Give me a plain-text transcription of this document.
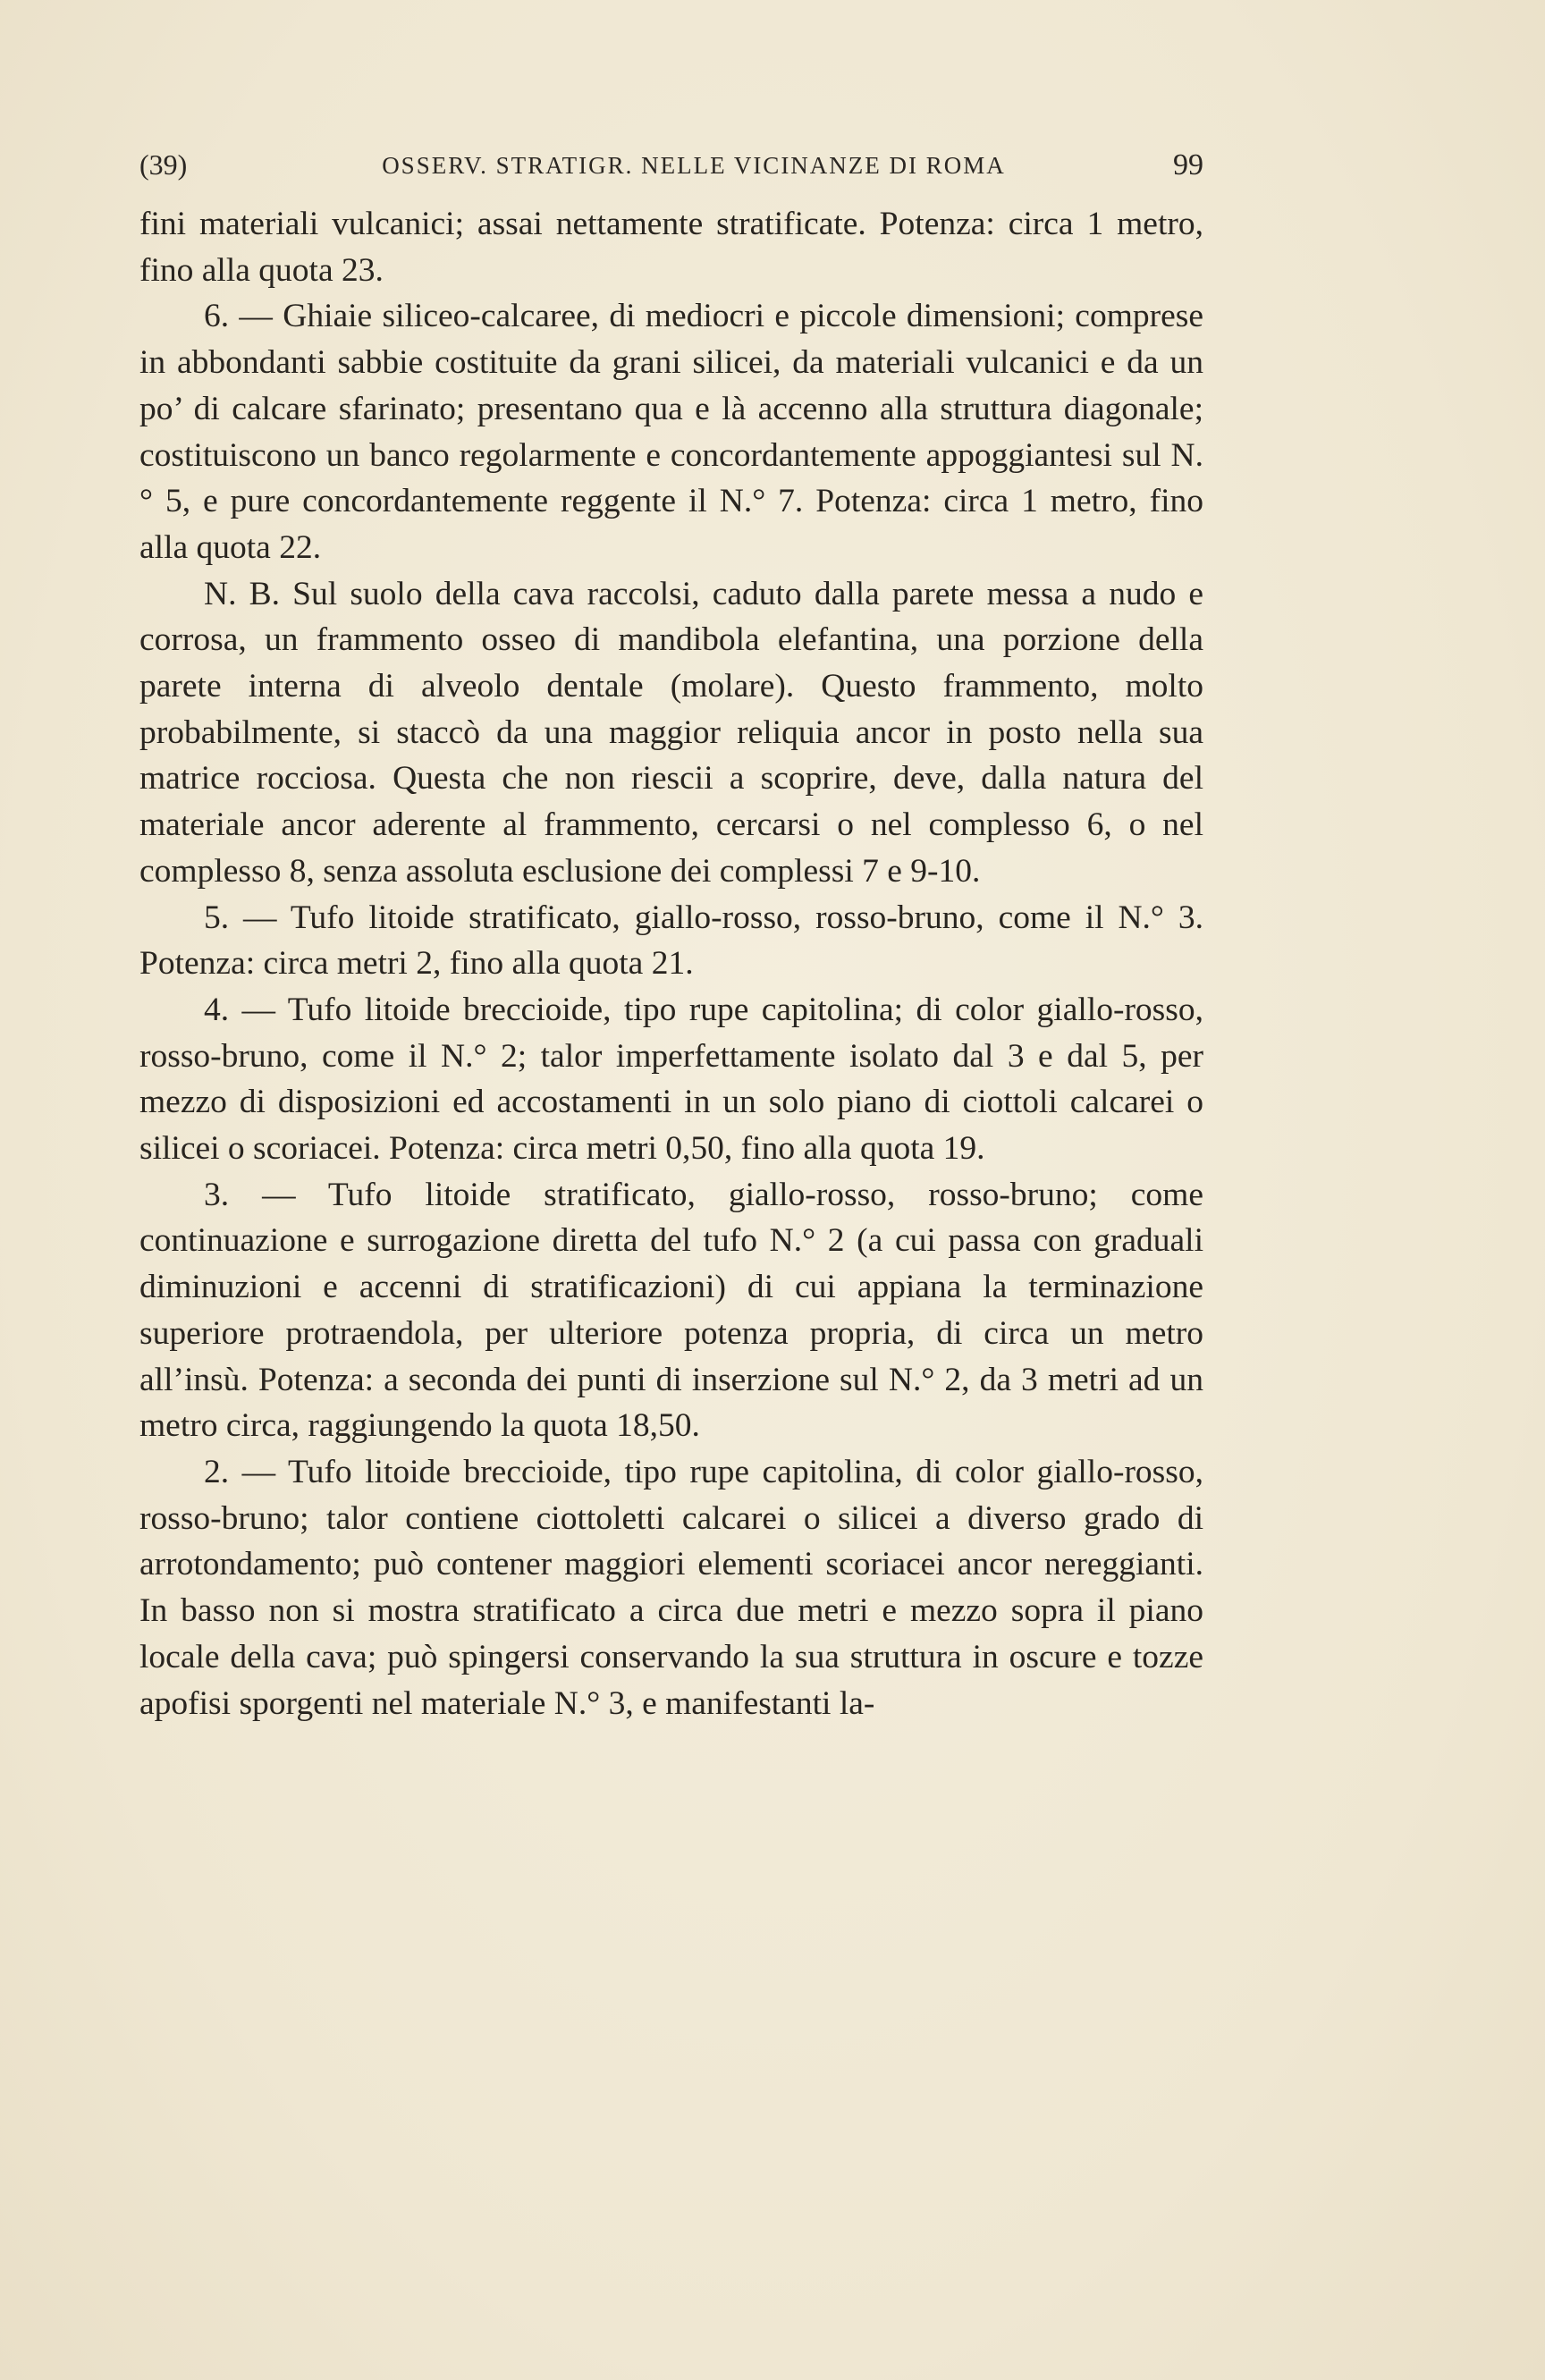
(39)	OSSERV. STRATIGR. NELLE VICINANZE DI ROMA	99

fini materiali vulcanici; assai nettamente stratificate. Potenza: circa 1 metro, fino alla quota 23.

6. — Ghiaie siliceo-calcaree, di mediocri e piccole dimensioni; comprese in abbondanti sabbie costituite da grani silicei, da materiali vulcanici e da un po’ di calcare sfarinato; presentano qua e là accenno alla struttura diagonale; costituiscono un banco regolarmente e concordantemente appoggiantesi sul N.° 5, e pure concordantemente reggente il N.° 7. Potenza: circa 1 metro, fino alla quota 22.

N. B. Sul suolo della cava raccolsi, caduto dalla parete messa a nudo e corrosa, un frammento osseo di mandibola elefantina, una porzione della parete interna di alveolo dentale (molare). Questo frammento, molto probabilmente, si staccò da una maggior reliquia ancor in posto nella sua matrice rocciosa. Questa che non riescii a scoprire, deve, dalla natura del materiale ancor aderente al frammento, cercarsi o nel complesso 6, o nel complesso 8, senza assoluta esclusione dei complessi 7 e 9-10.

5. — Tufo litoide stratificato, giallo-rosso, rosso-bruno, come il N.° 3. Potenza: circa metri 2, fino alla quota 21.

4. — Tufo litoide breccioide, tipo rupe capitolina; di color giallo-rosso, rosso-bruno, come il N.° 2; talor imperfettamente isolato dal 3 e dal 5, per mezzo di disposizioni ed accostamenti in un solo piano di ciottoli calcarei o silicei o scoriacei. Potenza: circa metri 0,50, fino alla quota 19.

3. — Tufo litoide stratificato, giallo-rosso, rosso-bruno; come continuazione e surrogazione diretta del tufo N.° 2 (a cui passa con graduali diminuzioni e accenni di stratificazioni) di cui appiana la terminazione superiore protraendola, per ulteriore potenza propria, di circa un metro all’insù. Potenza: a seconda dei punti di inserzione sul N.° 2, da 3 metri ad un metro circa, raggiungendo la quota 18,50.

2. — Tufo litoide breccioide, tipo rupe capitolina, di color giallo-rosso, rosso-bruno; talor contiene ciottoletti calcarei o silicei a diverso grado di arrotondamento; può contener maggiori elementi scoriacei ancor nereggianti. In basso non si mostra stratificato a circa due metri e mezzo sopra il piano locale della cava; può spingersi conservando la sua struttura in oscure e tozze apofisi sporgenti nel materiale N.° 3, e manifestanti la-
